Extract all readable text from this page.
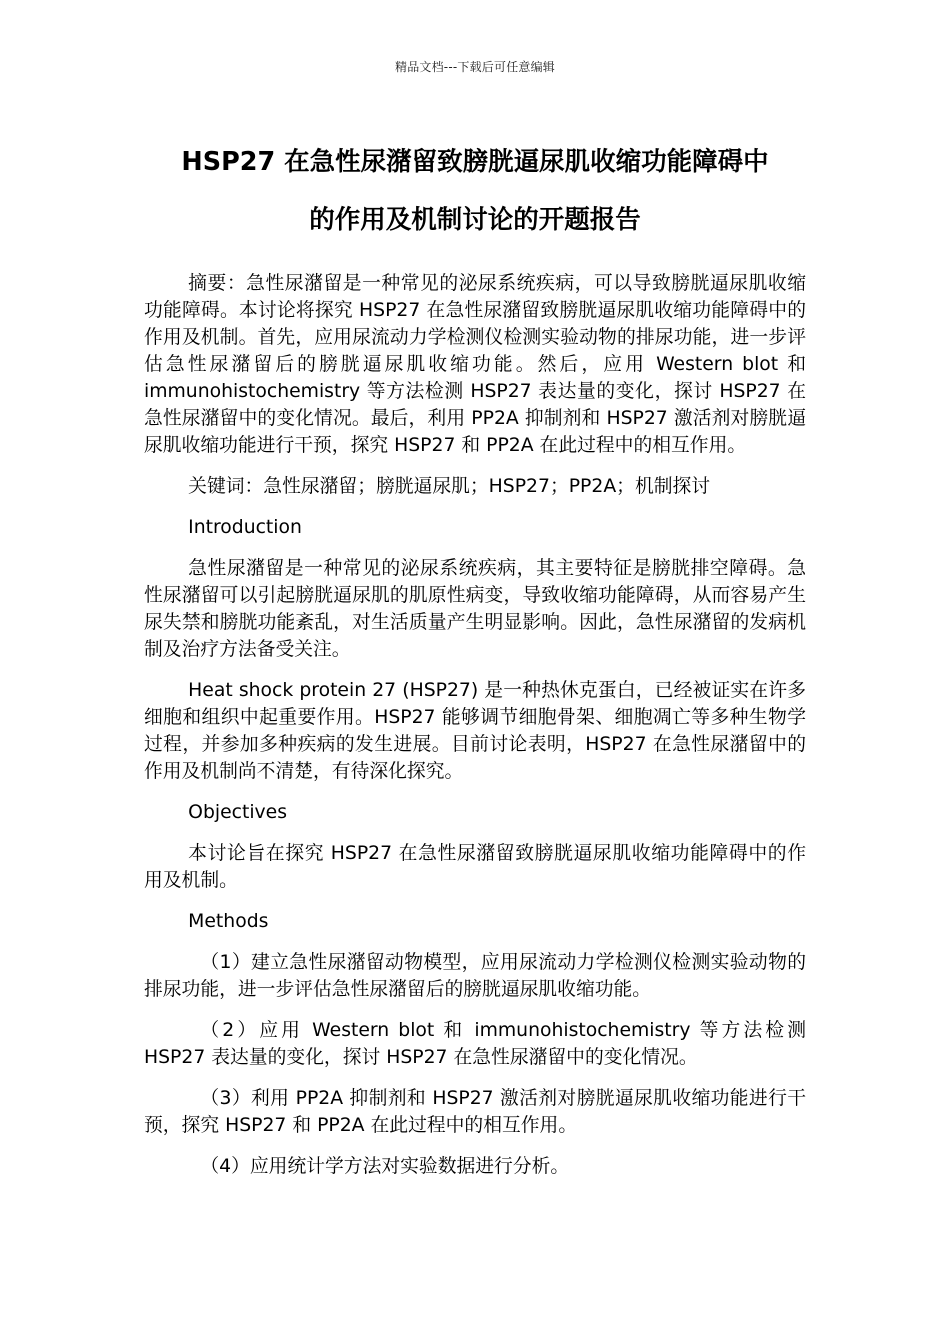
精品文档---下载后可任意编辑
HSP27 在急性尿潴留致膀胱逼尿肌收缩功能障碍中
的作用及机制讨论的开题报告

摘要：急性尿潴留是一种常见的泌尿系统疾病，可以导致膀胱逼尿肌收缩功能障碍。本讨论将探究 HSP27 在急性尿潴留致膀胱逼尿肌收缩功能障碍中的作用及机制。首先，应用尿流动力学检测仪检测实验动物的排尿功能，进一步评估急性尿潴留后的膀胱逼尿肌收缩功能。然后，应用 Western blot 和 immunohistochemistry 等方法检测 HSP27 表达量的变化，探讨 HSP27 在急性尿潴留中的变化情况。最后，利用 PP2A 抑制剂和 HSP27 激活剂对膀胱逼尿肌收缩功能进行干预，探究 HSP27 和 PP2A 在此过程中的相互作用。

关键词：急性尿潴留；膀胱逼尿肌；HSP27；PP2A；机制探讨

Introduction

急性尿潴留是一种常见的泌尿系统疾病，其主要特征是膀胱排空障碍。急性尿潴留可以引起膀胱逼尿肌的肌原性病变，导致收缩功能障碍，从而容易产生尿失禁和膀胱功能紊乱，对生活质量产生明显影响。因此，急性尿潴留的发病机制及治疗方法备受关注。

Heat shock protein 27 (HSP27) 是一种热休克蛋白，已经被证实在许多细胞和组织中起重要作用。HSP27 能够调节细胞骨架、细胞凋亡等多种生物学过程，并参加多种疾病的发生进展。目前讨论表明，HSP27 在急性尿潴留中的作用及机制尚不清楚，有待深化探究。

Objectives

本讨论旨在探究 HSP27 在急性尿潴留致膀胱逼尿肌收缩功能障碍中的作用及机制。

Methods

（1）建立急性尿潴留动物模型，应用尿流动力学检测仪检测实验动物的排尿功能，进一步评估急性尿潴留后的膀胱逼尿肌收缩功能。

（2）应用 Western blot 和 immunohistochemistry 等方法检测 HSP27 表达量的变化，探讨 HSP27 在急性尿潴留中的变化情况。

（3）利用 PP2A 抑制剂和 HSP27 激活剂对膀胱逼尿肌收缩功能进行干预，探究 HSP27 和 PP2A 在此过程中的相互作用。

（4）应用统计学方法对实验数据进行分析。
